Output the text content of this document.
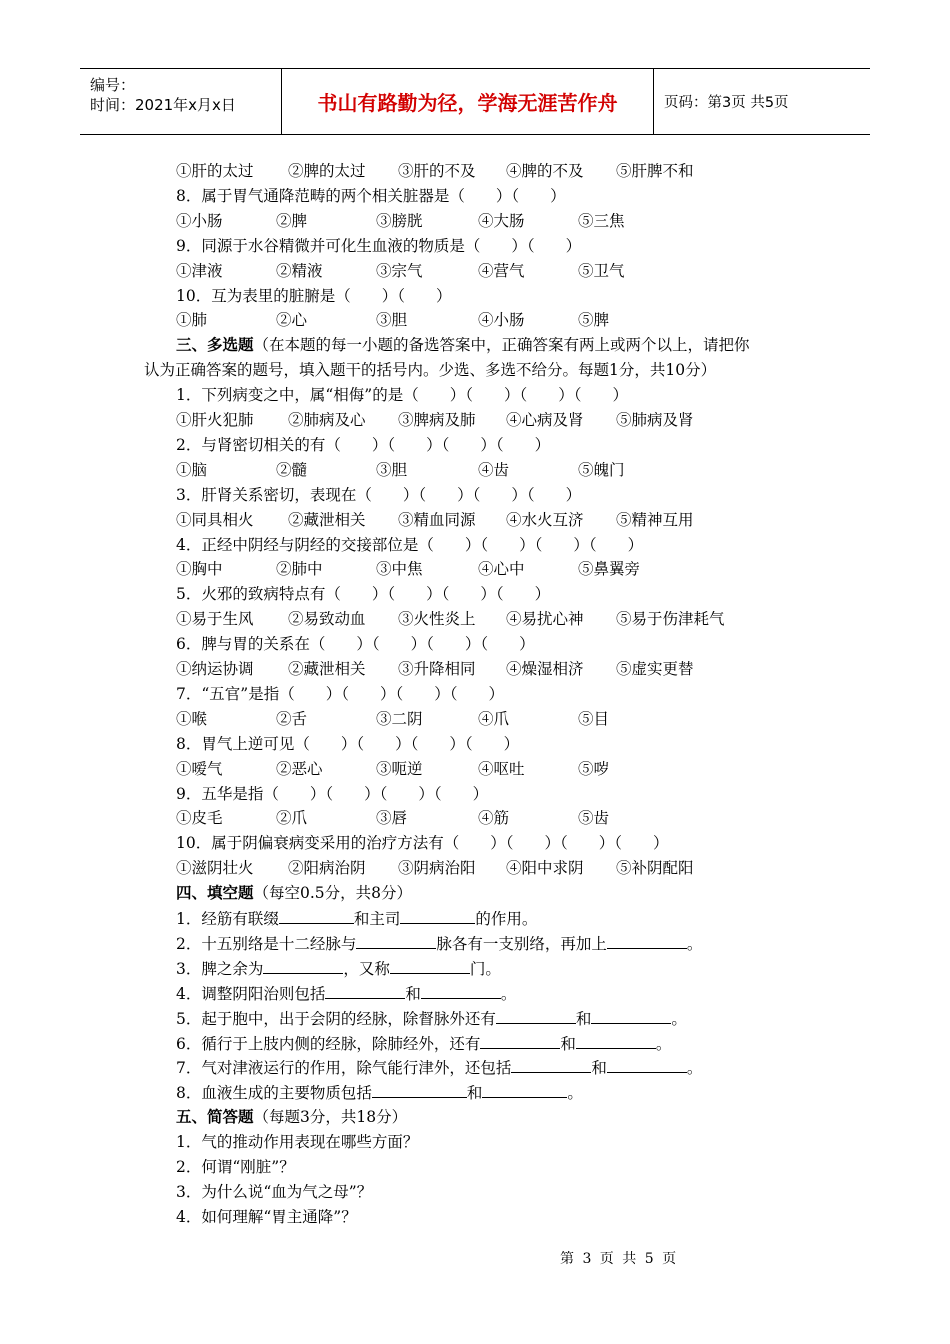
编号：
时间：2021年x月x日	书山有路勤为径，学海无涯苦作舟	页码：第3页 共5页
①肝的太过 ②脾的太过 ③肝的不及 ④脾的不及 ⑤肝脾不和
8．属于胃气通降范畴的两个相关脏器是（　　）（　　）
①小肠	②脾	③膀胱	④大肠	⑤三焦
9．同源于水谷精微并可化生血液的物质是（　　）（　　）
①津液	②精液	③宗气	④营气	⑤卫气
10．互为表里的脏腑是（　　）（　　）
①肺	②心	③胆	④小肠	⑤脾
三、多选题（在本题的每一小题的备选答案中，正确答案有两上或两个以上，请把你
认为正确答案的题号，填入题干的括号内。少选、多选不给分。每题1分，共10分）
1．下列病变之中，属“相侮”的是（　　）（　　）（　　）（　　）
①肝火犯肺 ②肺病及心 ③脾病及肺 ④心病及肾 ⑤肺病及肾
2．与肾密切相关的有（　　）（　　）（　　）（　　）
①脑	②髓	③胆	④齿	⑤魄门
3．肝肾关系密切，表现在（　　）（　　）（　　）（　　）
①同具相火 ②藏泄相关 ③精血同源 ④水火互济 ⑤精神互用
4．正经中阴经与阴经的交接部位是（　　）（　　）（　　）（　　）
①胸中	②肺中	③中焦	④心中	⑤鼻翼旁
5．火邪的致病特点有（　　）（　　）（　　）（　　）
①易于生风 ②易致动血 ③火性炎上 ④易扰心神 ⑤易于伤津耗气
6．脾与胃的关系在（　　）（　　）（　　）（　　）
①纳运协调 ②藏泄相关 ③升降相同 ④燥湿相济 ⑤虚实更替
7．“五官”是指（　　）（　　）（　　）（　　）
①喉	②舌	③二阴	④爪	⑤目
8．胃气上逆可见（　　）（　　）（　　）（　　）
①嗳气	②恶心	③呃逆	④呕吐	⑤哕
9．五华是指（　　）（　　）（　　）（　　）
①皮毛	②爪	③唇	④筋	⑤齿
10．属于阴偏衰病变采用的治疗方法有（　　）（　　）（　　）（　　）
①滋阴壮火 ②阳病治阴 ③阴病治阳 ④阳中求阴 ⑤补阴配阳
四、填空题（每空0.5分，共8分）
1．经筋有联缀	和主司	的作用。
2．十五别络是十二经脉与	脉各有一支别络，再加上	。
3．脾之余为	，又称	门。
4．调整阴阳治则包括	和	。
5．起于胞中，出于会阴的经脉，除督脉外还有	和	。
6．循行于上肢内侧的经脉，除肺经外，还有	和	。
7．气对津液运行的作用，除气能行津外，还包括	和	。
8．血液生成的主要物质包括	和	。
五、简答题（每题3分，共18分）
1．气的推动作用表现在哪些方面？
2．何谓“刚脏”？
3．为什么说“血为气之母”？
4．如何理解“胃主通降”？
第 3 页 共 5 页
